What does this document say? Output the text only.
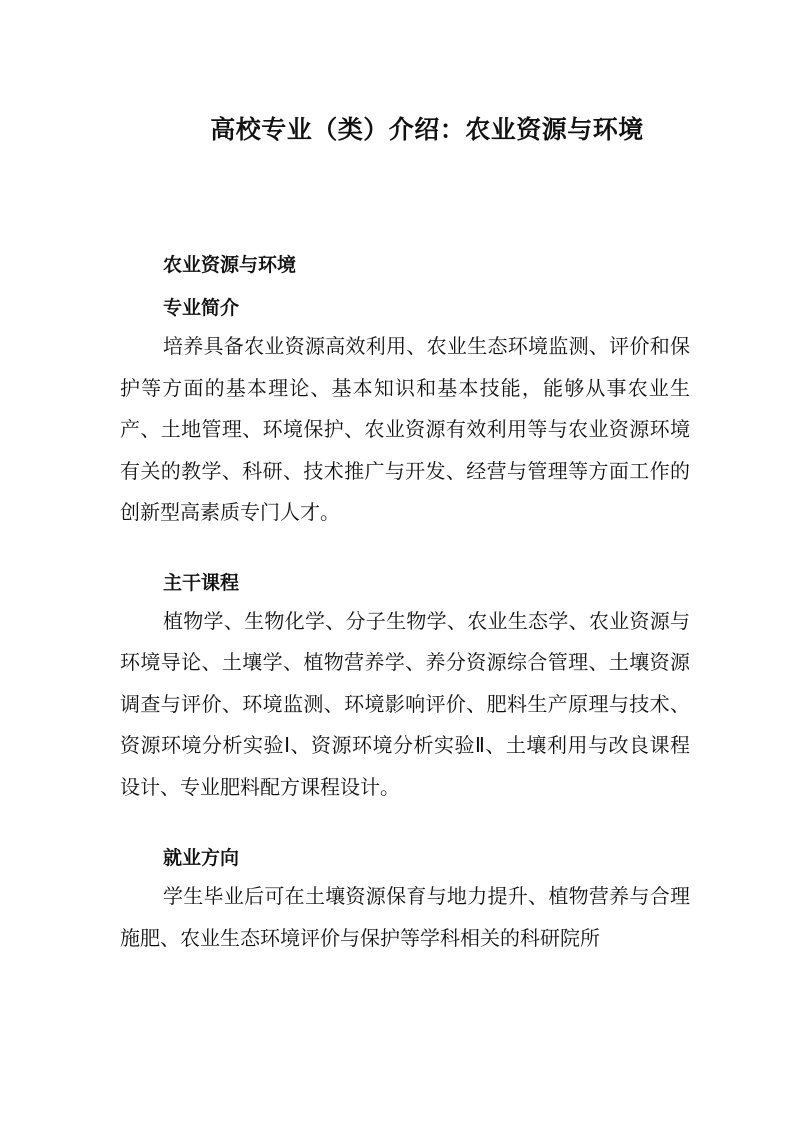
高校专业（类）介绍：农业资源与环境
农业资源与环境
专业简介

培养具备农业资源高效利用、农业生态环境监测、评价和保护等方面的基本理论、基本知识和基本技能，能够从事农业生产、土地管理、环境保护、农业资源有效利用等与农业资源环境有关的教学、科研、技术推广与开发、经营与管理等方面工作的创新型高素质专门人才。

主干课程

植物学、生物化学、分子生物学、农业生态学、农业资源与环境导论、土壤学、植物营养学、养分资源综合管理、土壤资源调查与评价、环境监测、环境影响评价、肥料生产原理与技术、资源环境分析实验Ⅰ、资源环境分析实验Ⅱ、土壤利用与改良课程设计、专业肥料配方课程设计。

就业方向

学生毕业后可在土壤资源保育与地力提升、植物营养与合理施肥、农业生态环境评价与保护等学科相关的科研院所
